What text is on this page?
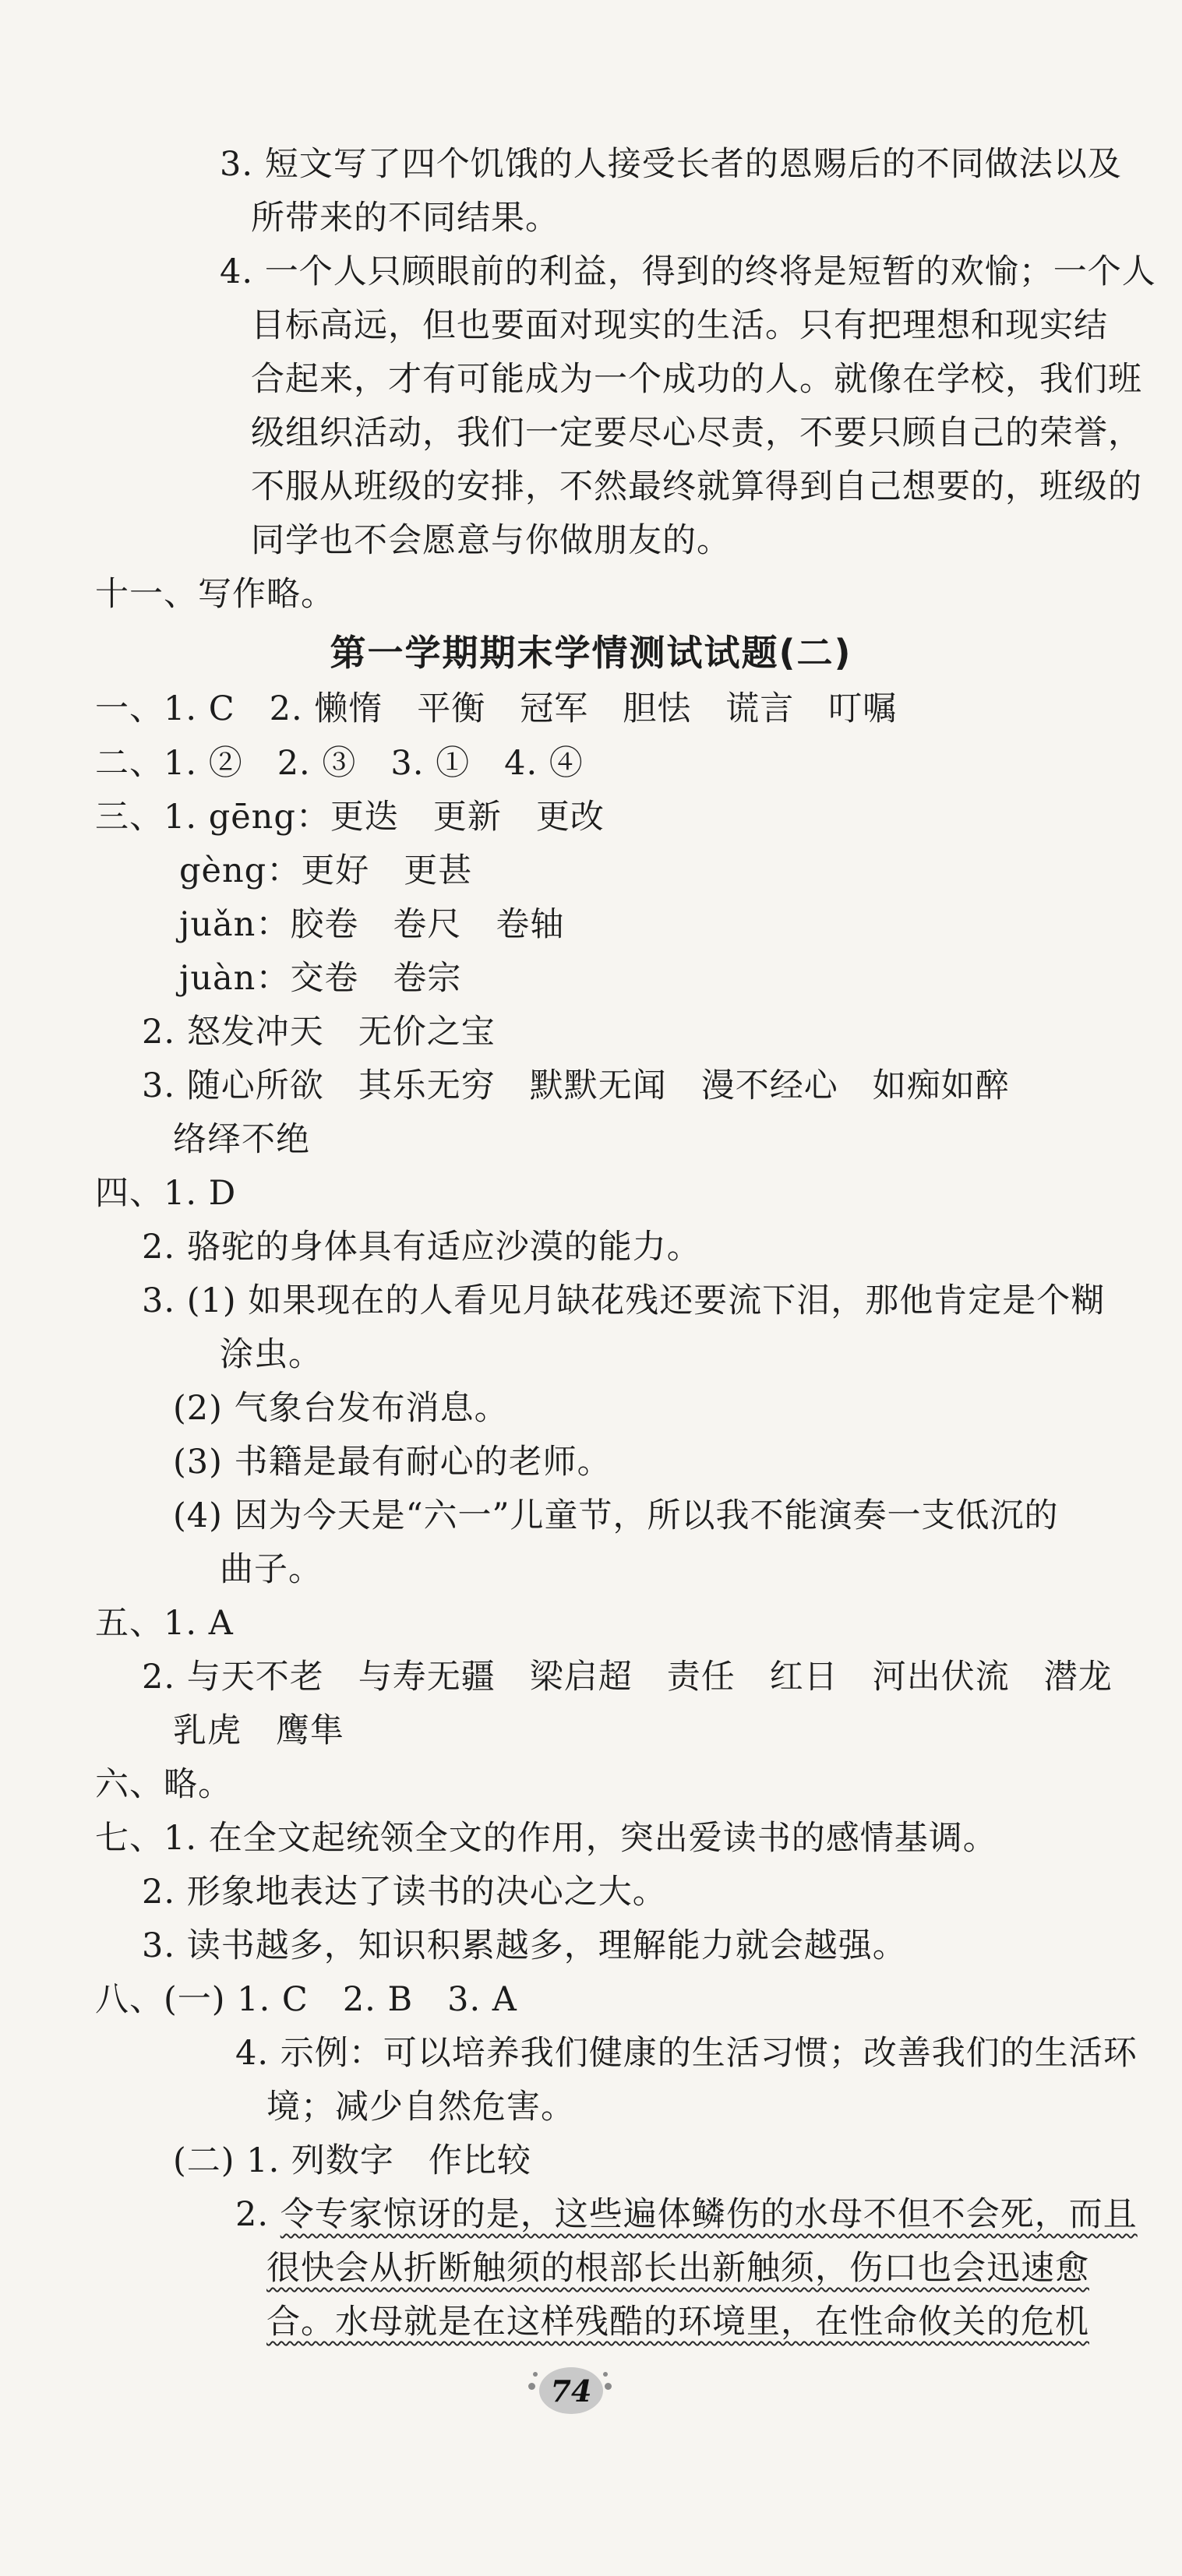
3. 短文写了四个饥饿的人接受长者的恩赐后的不同做法以及
所带来的不同结果。
4. 一个人只顾眼前的利益，得到的终将是短暂的欢愉；一个人
目标高远，但也要面对现实的生活。只有把理想和现实结
合起来，才有可能成为一个成功的人。就像在学校，我们班
级组织活动，我们一定要尽心尽责，不要只顾自己的荣誉，
不服从班级的安排，不然最终就算得到自己想要的，班级的
同学也不会愿意与你做朋友的。
十一、写作略。
第一学期期末学情测试试题(二)
一、1. C　2. 懒惰　平衡　冠军　胆怯　谎言　叮嘱
二、1. ②　2. ③　3. ①　4. ④
三、1. gēng：更迭　更新　更改
gèng：更好　更甚
juǎn：胶卷　卷尺　卷轴
juàn：交卷　卷宗
2. 怒发冲天　无价之宝
3. 随心所欲　其乐无穷　默默无闻　漫不经心　如痴如醉
络绎不绝
四、1. D
2. 骆驼的身体具有适应沙漠的能力。
3. (1) 如果现在的人看见月缺花残还要流下泪，那他肯定是个糊
涂虫。
(2) 气象台发布消息。
(3) 书籍是最有耐心的老师。
(4) 因为今天是“六一”儿童节，所以我不能演奏一支低沉的
曲子。
五、1. A
2. 与天不老　与寿无疆　梁启超　责任　红日　河出伏流　潜龙
乳虎　鹰隼
六、略。
七、1. 在全文起统领全文的作用，突出爱读书的感情基调。
2. 形象地表达了读书的决心之大。
3. 读书越多，知识积累越多，理解能力就会越强。
八、(一) 1. C　2. B　3. A
4. 示例：可以培养我们健康的生活习惯；改善我们的生活环
境；减少自然危害。
(二) 1. 列数字　作比较
2. 令专家惊讶的是，这些遍体鳞伤的水母不但不会死，而且
很快会从折断触须的根部长出新触须，伤口也会迅速愈
合。水母就是在这样残酷的环境里，在性命攸关的危机
74
